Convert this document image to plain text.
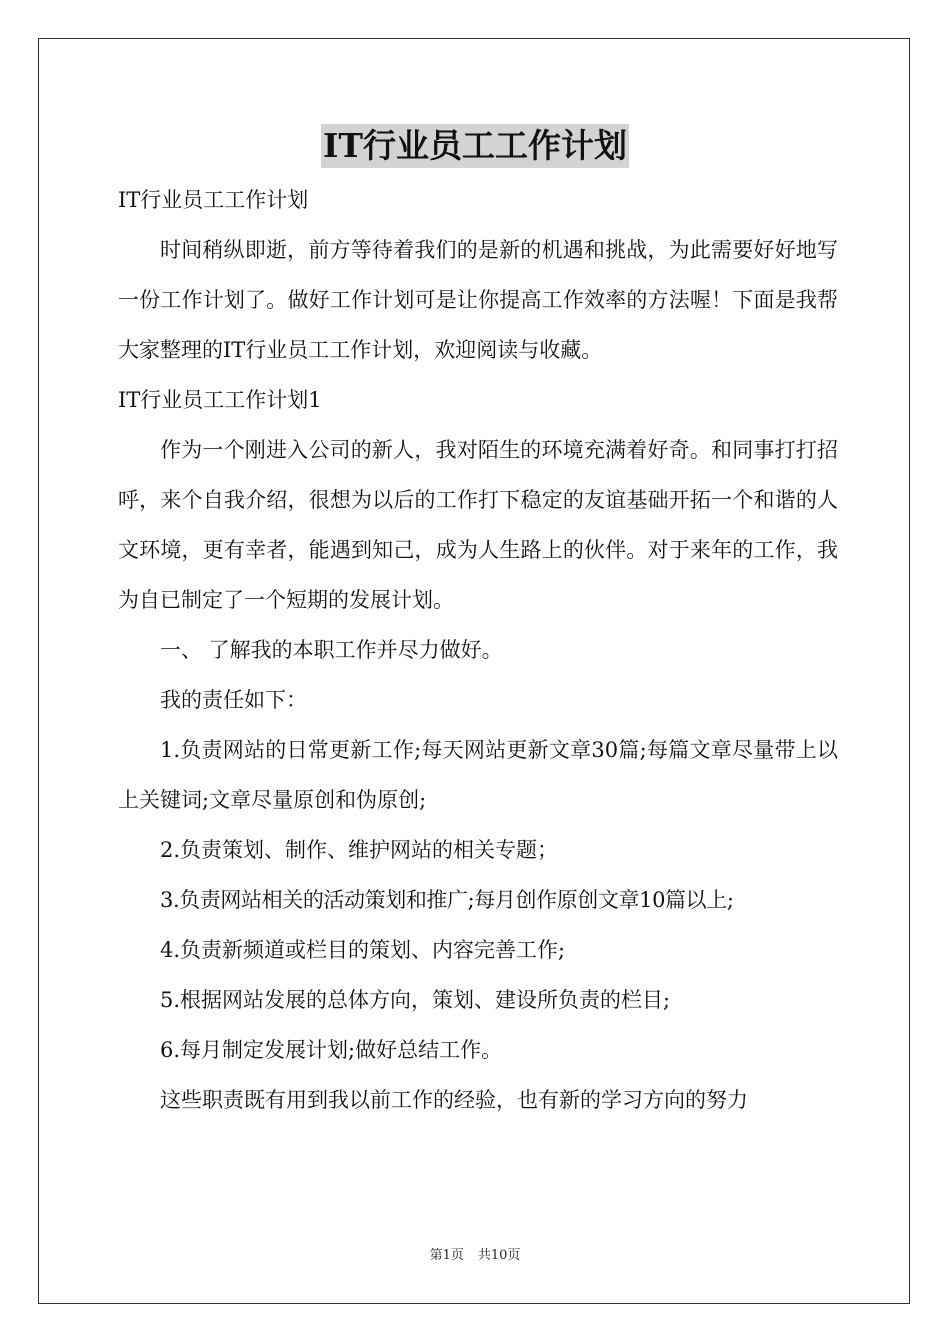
IT行业员工工作计划

IT行业员工工作计划

时间稍纵即逝，前方等待着我们的是新的机遇和挑战，为此需要好好地写一份工作计划了。做好工作计划可是让你提高工作效率的方法喔！下面是我帮大家整理的IT行业员工工作计划，欢迎阅读与收藏。

IT行业员工工作计划1

作为一个刚进入公司的新人，我对陌生的环境充满着好奇。和同事打打招呼，来个自我介绍，很想为以后的工作打下稳定的友谊基础开拓一个和谐的人文环境，更有幸者，能遇到知己，成为人生路上的伙伴。对于来年的工作，我为自已制定了一个短期的发展计划。

一、 了解我的本职工作并尽力做好。

我的责任如下：

1.负责网站的日常更新工作;每天网站更新文章30篇;每篇文章尽量带上以上关键词;文章尽量原创和伪原创;

2.负责策划、制作、维护网站的相关专题；

3.负责网站相关的活动策划和推广;每月创作原创文章10篇以上;

4.负责新频道或栏目的策划、内容完善工作;

5.根据网站发展的总体方向，策划、建设所负责的栏目;

6.每月制定发展计划;做好总结工作。

这些职责既有用到我以前工作的经验，也有新的学习方向的努力

第1页 共10页
